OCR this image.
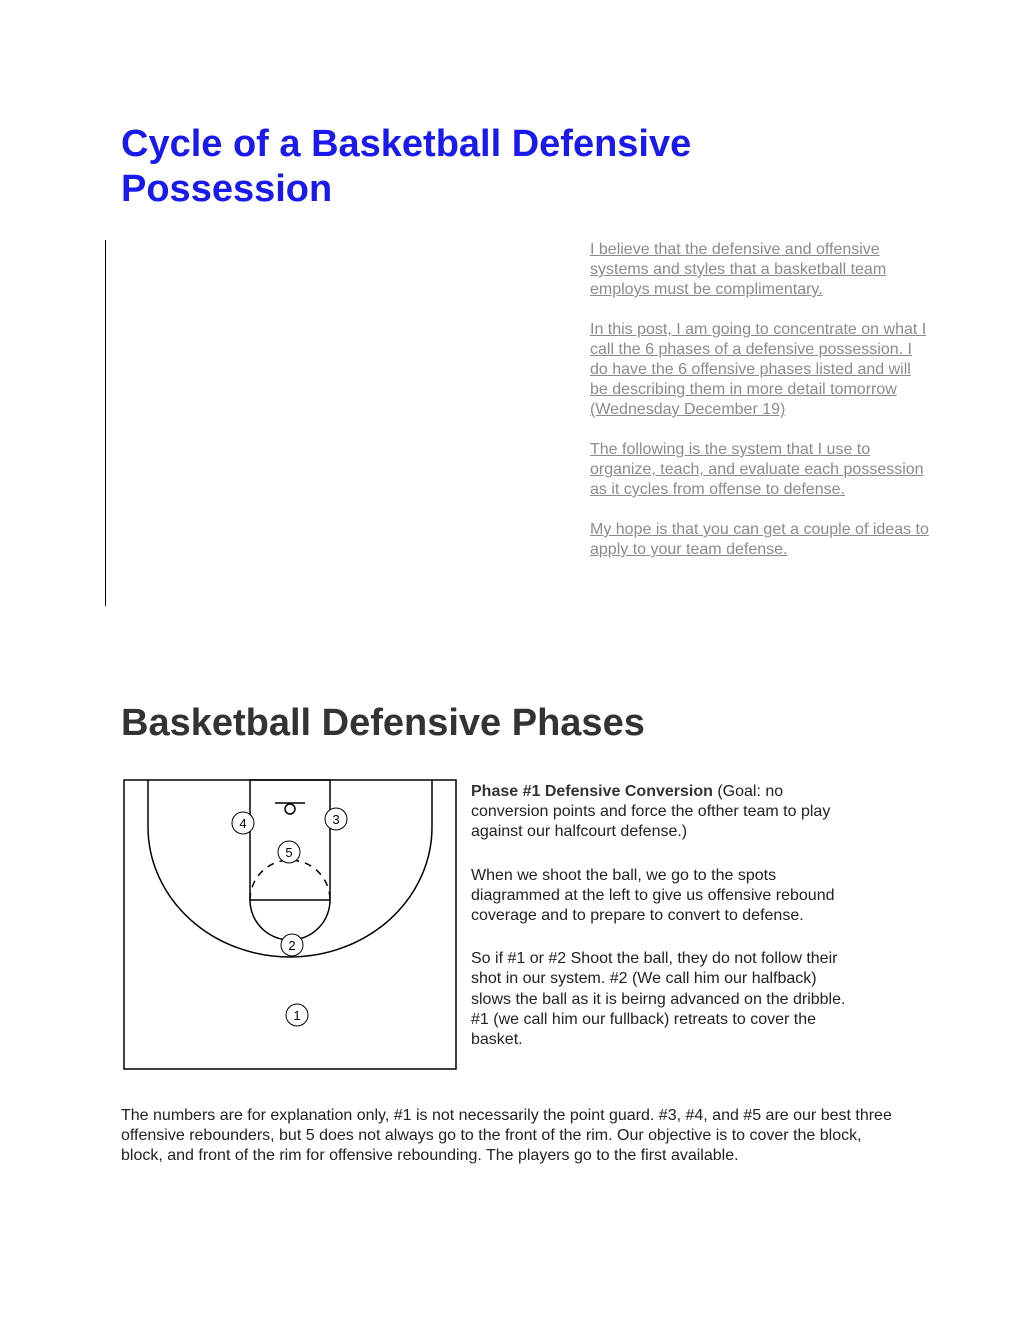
Cycle of a Basketball Defensive Possession

I believe that the defensive and offensive systems and styles that a basketball team employs must be complimentary.

In this post, I am going to concentrate on what I call the 6 phases of a defensive possession. I do have the 6 offensive phases listed and will be describing them in more detail tomorrow (Wednesday December 19)

The following is the system that I use to organize, teach, and evaluate each possession as it cycles from offense to defense.

My hope is that you can get a couple of ideas to apply to your team defense.

Basketball Defensive Phases
4	3
5
2
1

Phase #1 Defensive Conversion (Goal: no conversion points and force the ofther team to play against our halfcourt defense.)

When we shoot the ball, we go to the spots diagrammed at the left to give us offensive rebound coverage and to prepare to convert to defense.

So if #1 or #2 Shoot the ball, they do not follow their shot in our system. #2 (We call him our halfback) slows the ball as it is beirng advanced on the dribble. #1 (we call him our fullback) retreats to cover the basket.

The numbers are for explanation only, #1 is not necessarily the point guard. #3, #4, and #5 are our best three offensive rebounders, but 5 does not always go to the front of the rim. Our objective is to cover the block, block, and front of the rim for offensive rebounding. The players go to the first available.
